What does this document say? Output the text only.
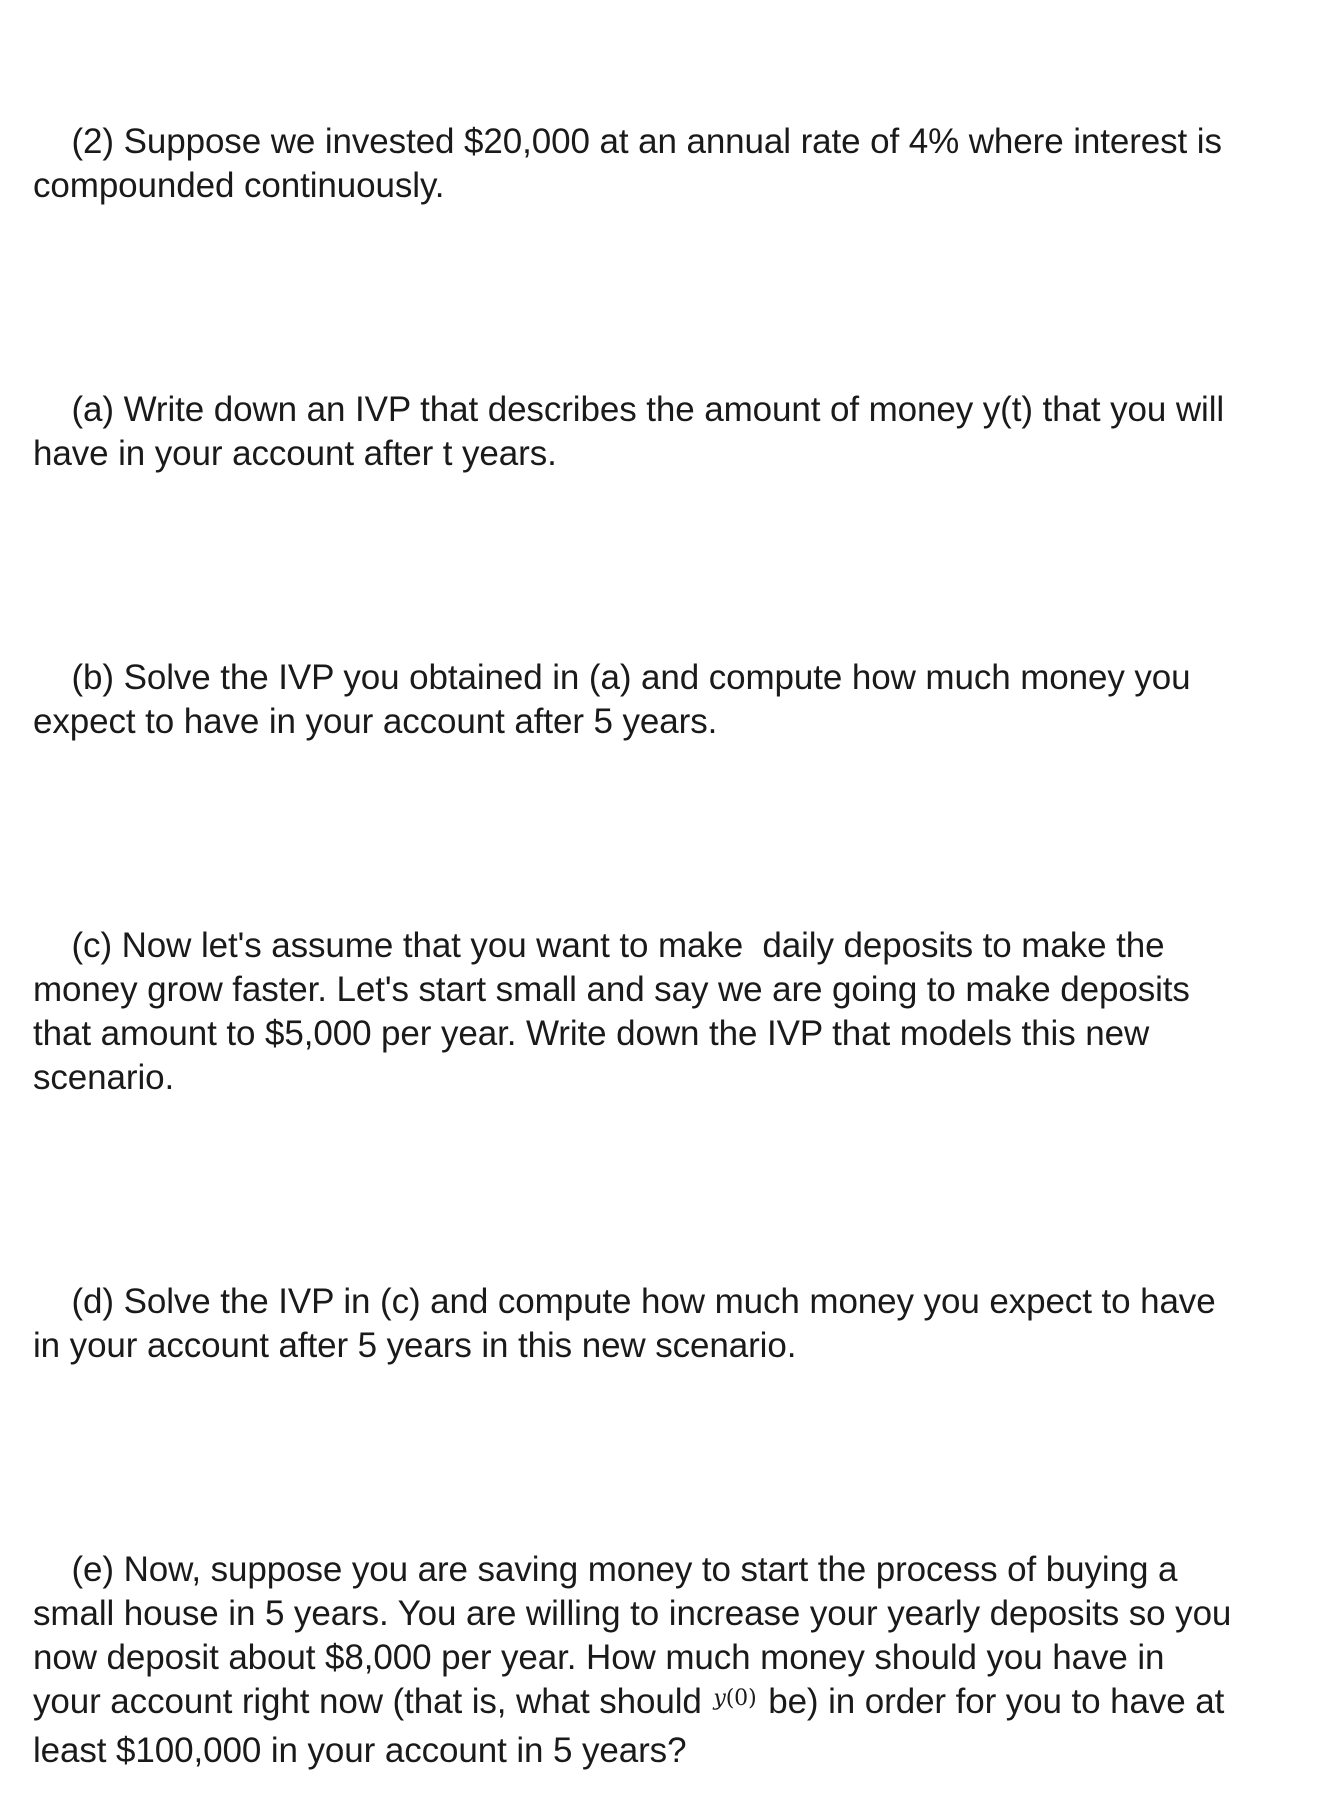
(2) Suppose we invested $20,000 at an annual rate of 4% where interest is compounded continuously.

(a) Write down an IVP that describes the amount of money y(t) that you will have in your account after t years.

(b) Solve the IVP you obtained in (a) and compute how much money you expect to have in your account after 5 years.

(c) Now let's assume that you want to make  daily deposits to make the money grow faster. Let's start small and say we are going to make deposits that amount to $5,000 per year. Write down the IVP that models this new scenario.

(d) Solve the IVP in (c) and compute how much money you expect to have in your account after 5 years in this new scenario.

(e) Now, suppose you are saving money to start the process of buying a small house in 5 years. You are willing to increase your yearly deposits so you now deposit about $8,000 per year. How much money should you have in your account right now (that is, what should $^{y(0)}$ be) in order for you to have at least $100,000 in your account in 5 years?
